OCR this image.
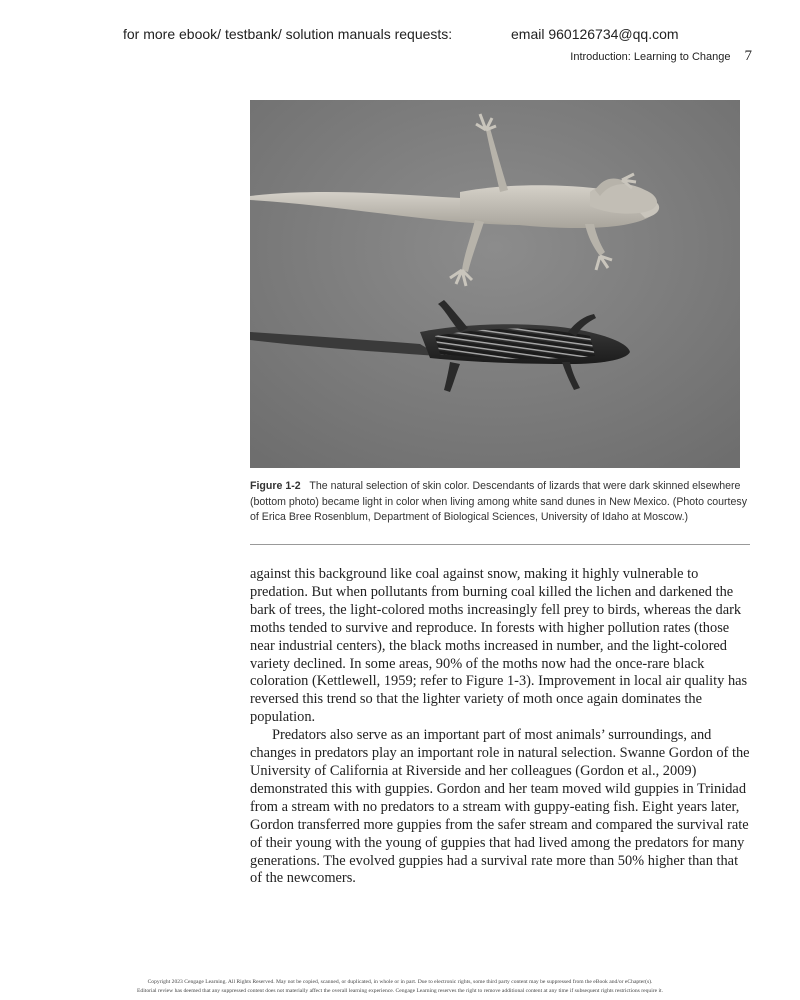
for more ebook/ testbank/ solution manuals requests:	email 960126734@qq.com
Introduction: Learning to Change 7
Figure 1-2 The natural selection of skin color. Descendants of lizards that were dark skinned elsewhere (bottom photo) became light in color when living among white sand dunes in New Mexico. (Photo courtesy of Erica Bree Rosenblum, Department of Biological Sciences, University of Idaho at Moscow.)

against this background like coal against snow, making it highly vulnerable to predation. But when pollutants from burning coal killed the lichen and darkened the bark of trees, the light-colored moths increasingly fell prey to birds, whereas the dark moths tended to survive and reproduce. In forests with higher pollution rates (those near industrial centers), the black moths increased in number, and the light-colored variety declined. In some areas, 90% of the moths now had the once-rare black coloration (Kettlewell, 1959; refer to Figure 1-3). Improvement in local air quality has reversed this trend so that the lighter variety of moth once again dominates the population.

Predators also serve as an important part of most animals’ surroundings, and changes in predators play an important role in natural selection. Swanne Gordon of the University of California at Riverside and her colleagues (Gordon et al., 2009) demonstrated this with guppies. Gordon and her team moved wild guppies in Trinidad from a stream with no predators to a stream with guppy-eating fish. Eight years later, Gordon transferred more guppies from the safer stream and compared the survival rate of their young with the young of guppies that had lived among the predators for many generations. The evolved guppies had a survival rate more than 50% higher than that of the newcomers.

Copyright 2023 Cengage Learning. All Rights Reserved. May not be copied, scanned, or duplicated, in whole or in part. Due to electronic rights, some third party content may be suppressed from the eBook and/or eChapter(s).
Editorial review has deemed that any suppressed content does not materially affect the overall learning experience. Cengage Learning reserves the right to remove additional content at any time if subsequent rights restrictions require it.
